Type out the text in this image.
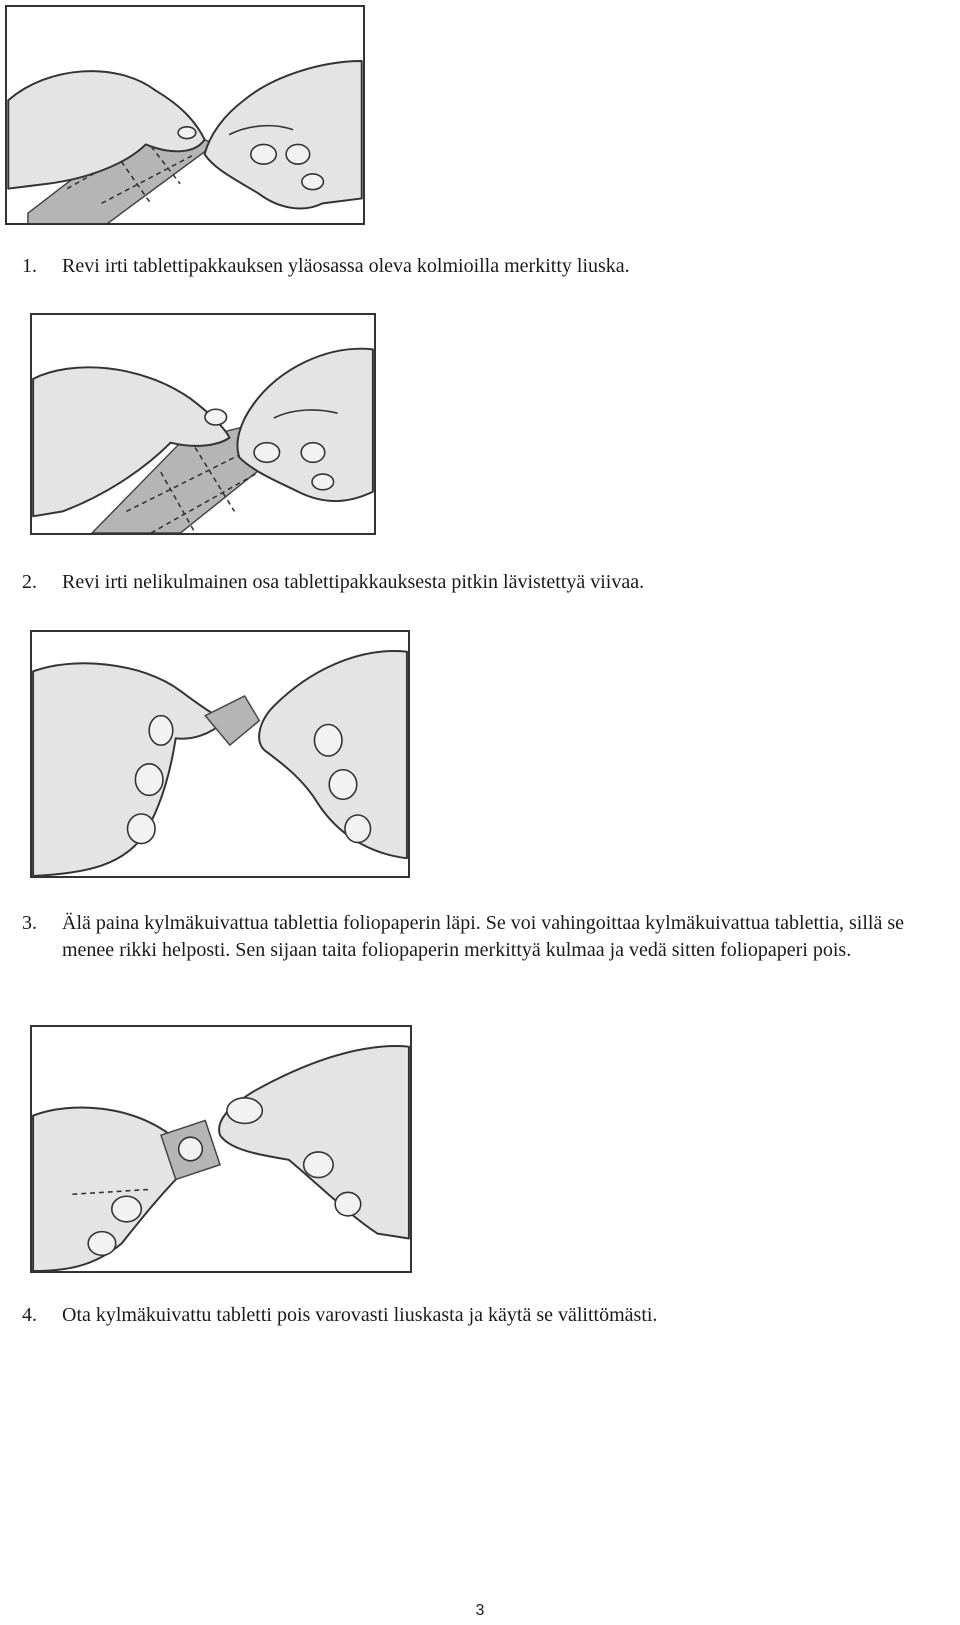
1.	Revi irti tablettipakkauksen yläosassa oleva kolmioilla merkitty liuska.
2.	Revi irti nelikulmainen osa tablettipakkauksesta pitkin lävistettyä viivaa.
3.	Älä paina kylmäkuivattua tablettia foliopaperin läpi. Se voi vahingoittaa kylmäkuivattua tablettia, sillä se menee rikki helposti. Sen sijaan taita foliopaperin merkittyä kulmaa ja vedä sitten foliopaperi pois.
4.	Ota kylmäkuivattu tabletti pois varovasti liuskasta ja käytä se välittömästi.
3
